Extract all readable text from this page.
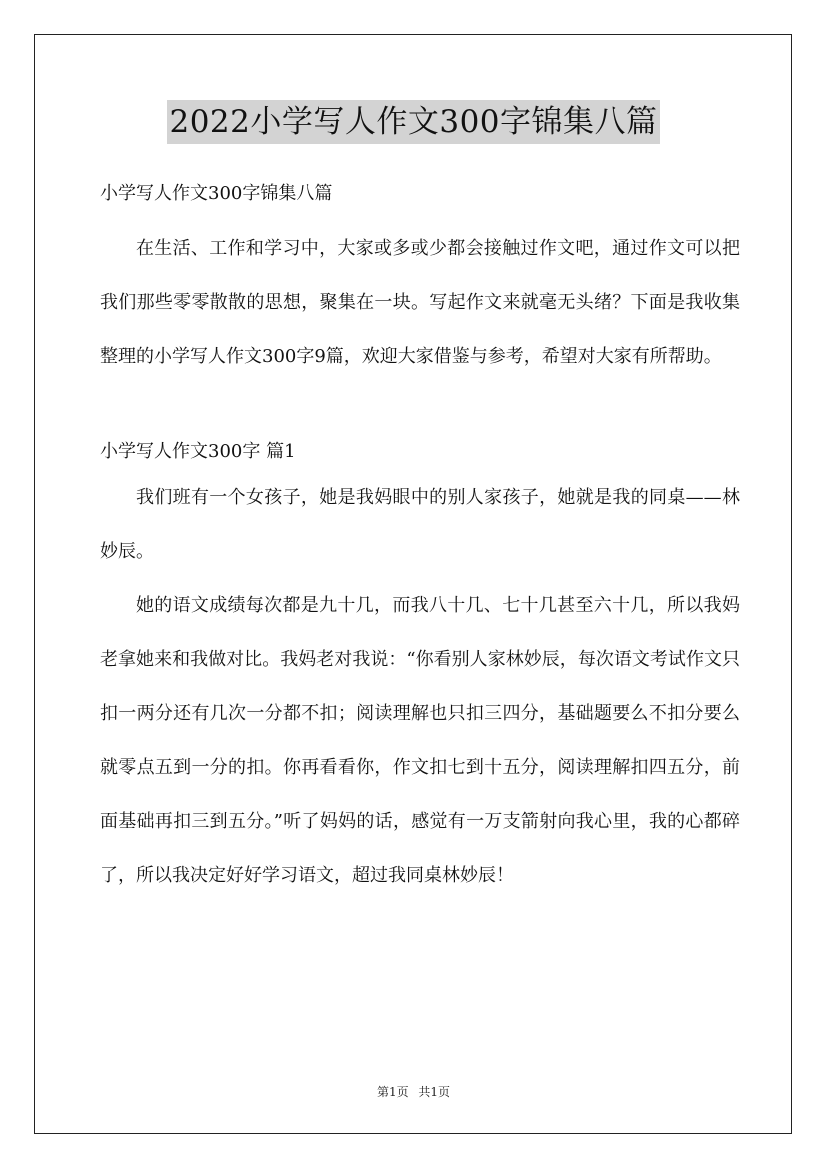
2022小学写人作文300字锦集八篇

小学写人作文300字锦集八篇

在生活、工作和学习中，大家或多或少都会接触过作文吧，通过作文可以把我们那些零零散散的思想，聚集在一块。写起作文来就毫无头绪？下面是我收集整理的小学写人作文300字9篇，欢迎大家借鉴与参考，希望对大家有所帮助。

小学写人作文300字 篇1

我们班有一个女孩子，她是我妈眼中的别人家孩子，她就是我的同桌——林妙辰。

她的语文成绩每次都是九十几，而我八十几、七十几甚至六十几，所以我妈老拿她来和我做对比。我妈老对我说：“你看别人家林妙辰，每次语文考试作文只扣一两分还有几次一分都不扣；阅读理解也只扣三四分，基础题要么不扣分要么就零点五到一分的扣。你再看看你，作文扣七到十五分，阅读理解扣四五分，前面基础再扣三到五分。”听了妈妈的话，感觉有一万支箭射向我心里，我的心都碎了，所以我决定好好学习语文，超过我同桌林妙辰！

第1页 共1页
